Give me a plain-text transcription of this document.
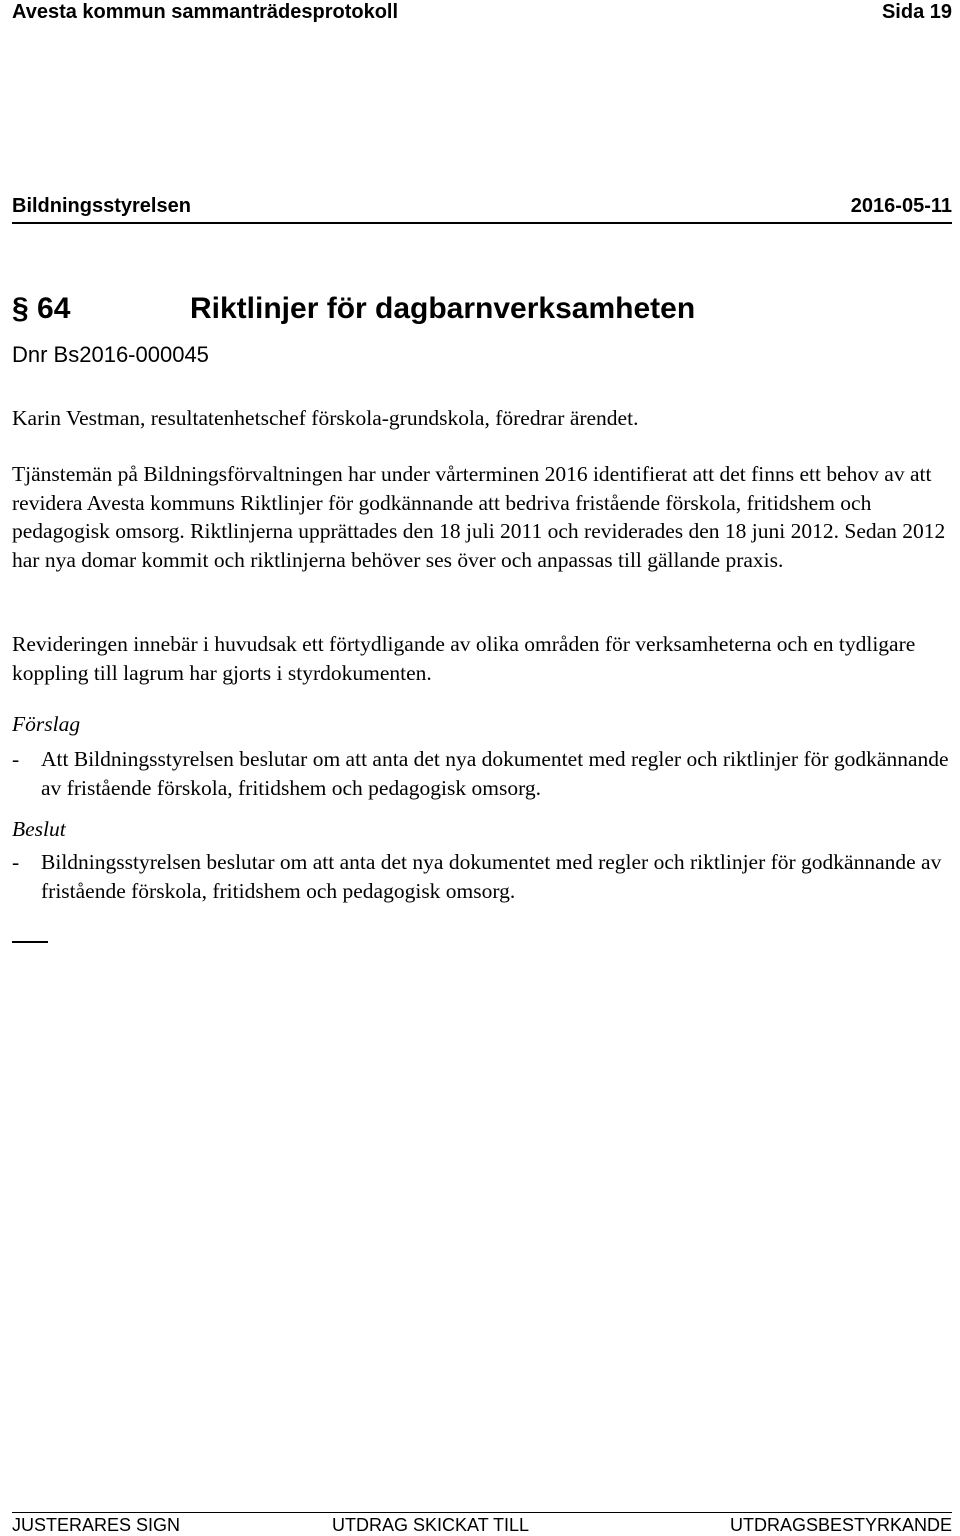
Avesta kommun sammanträdesprotokoll	Sida 19
Bildningsstyrelsen	2016-05-11
§ 64	Riktlinjer för dagbarnverksamheten
Dnr Bs2016-000045
Karin Vestman, resultatenhetschef förskola-grundskola, föredrar ärendet.
Tjänstemän på Bildningsförvaltningen har under vårterminen 2016 identifierat att det finns ett behov av att revidera Avesta kommuns Riktlinjer för godkännande att bedriva fristående förskola, fritidshem och pedagogisk omsorg. Riktlinjerna upprättades den 18 juli 2011 och reviderades den 18 juni 2012. Sedan 2012 har nya domar kommit och riktlinjerna behöver ses över och anpassas till gällande praxis.
Revideringen innebär i huvudsak ett förtydligande av olika områden för verksamheterna och en tydligare koppling till lagrum har gjorts i styrdokumenten.
Förslag
- Att Bildningsstyrelsen beslutar om att anta det nya dokumentet med regler och riktlinjer för godkännande av fristående förskola, fritidshem och pedagogisk omsorg.
Beslut
- Bildningsstyrelsen beslutar om att anta det nya dokumentet med regler och riktlinjer för godkännande av fristående förskola, fritidshem och pedagogisk omsorg.
JUSTERARES SIGN	UTDRAG SKICKAT TILL	UTDRAGSBESTYRKANDE
